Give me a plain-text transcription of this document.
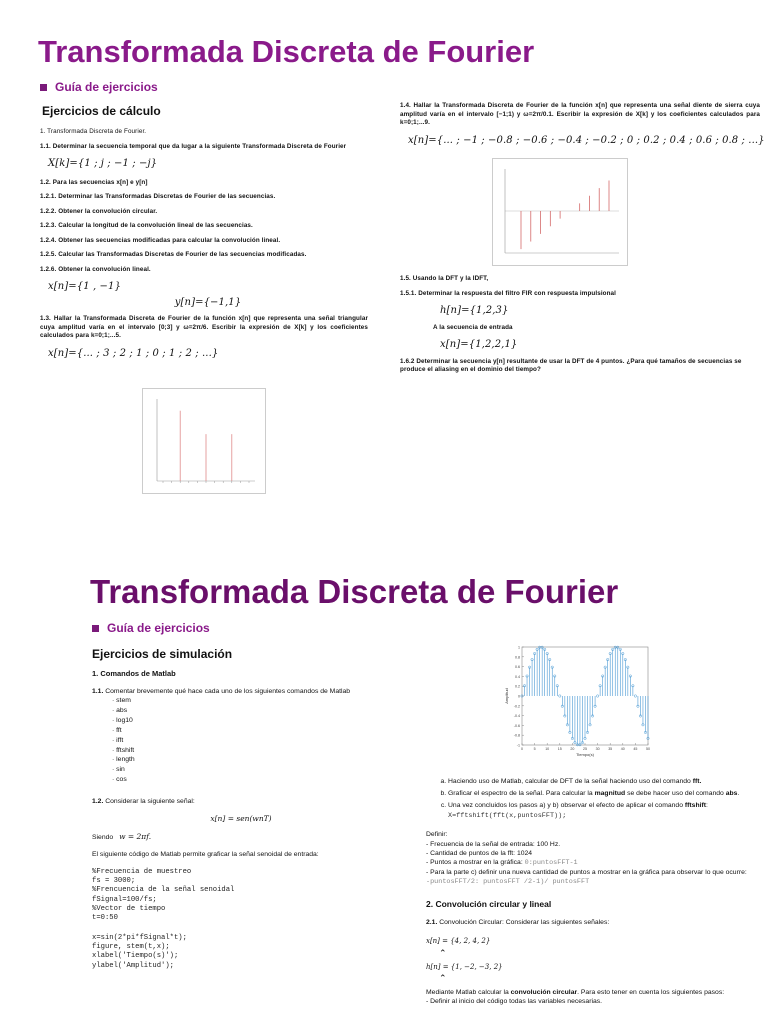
Transformada Discreta de Fourier
Guía de ejercicios
Ejercicios de cálculo

1. Transformada Discreta de Fourier.

1.1. Determinar la secuencia temporal que da lugar a la siguiente Transformada Discreta de Fourier

X[k]={1 ; j ; −1 ; −j}

1.2. Para las secuencias x[n] e y[n]

1.2.1. Determinar las Transformadas Discretas de Fourier de las secuencias.

1.2.2. Obtener la convolución circular.

1.2.3. Calcular la longitud de la convolución lineal de las secuencias.

1.2.4. Obtener las secuencias modificadas para calcular la convolución lineal.

1.2.5. Calcular las Transformadas Discretas de Fourier de las secuencias modificadas.

1.2.6. Obtener la convolución lineal.

x[n]={1 , −1}
y[n]={−1,1}

1.3. Hallar la Transformada Discreta de Fourier de la función x[n] que representa una señal triangular cuya amplitud varía en el intervalo [0;3] y ω=2π/6. Escribir la expresión de X[k] y los coeficientes calculados para k=0;1;...5.

x[n]={... ; 3 ; 2 ; 1 ; 0 ; 1 ; 2 ; ...}

1.4. Hallar la Transformada Discreta de Fourier de la función x[n] que representa una señal diente de sierra cuya amplitud varía en el intervalo [−1;1) y ω=2π/0.1. Escribir la expresión de X[k] y los coeficientes calculados para k=0;1;...9.

x[n]={... ; −1 ; −0.8 ; −0.6 ; −0.4 ; −0.2 ; 0 ; 0.2 ; 0.4 ; 0.6 ; 0.8 ; ...}

1.5. Usando la DFT y la IDFT,

1.5.1. Determinar la respuesta del filtro FIR con respuesta impulsional

h[n]={1,2,3}

A la secuencia de entrada

x[n]={1,2,2,1}

1.6.2 Determinar la secuencia y[n] resultante de usar la DFT de 4 puntos. ¿Para qué tamaños de secuencias se produce el aliasing en el dominio del tiempo?

Transformada Discreta de Fourier
Guía de ejercicios
Ejercicios de simulación

1. Comandos de Matlab

1.1. Comentar brevemente qué hace cada uno de los siguientes comandos de Matlab

· stem
· abs
· log10
· fft
· ifft
· fftshift
· length
· sin
· cos

1.2. Considerar la siguiente señal:

x[n] = sen(wnT)

Siendo w = 2πf.

El siguiente código de Matlab permite graficar la señal senoidal de entrada:

%Frecuencia de muestreo
fs = 3000;
%Frencuencia de la señal senoidal
fSignal=100/fs;
%Vector de tiempo
t=0:50
x=sin(2*pi*fSignal*t);
figure, stem(t,x);
xlabel('Tiempo(s)');
ylabel('Amplitud');
-1
-0.8
-0.6
-0.4
-0.2
0
0.2
0.4
0.6
0.8
1
0	5	10 15 20 25 30 35 40 45 50
Tiempo(s)
Amplitud
a. Haciendo uso de Matlab, calcular de DFT de la señal haciendo uso del comando fft.
b. Graficar el espectro de la señal. Para calcular la magnitud se debe hacer uso del comando abs.
c. Una vez concluidos los pasos a) y b) observar el efecto de aplicar el comando fftshift:
X=fftshift(fft(x,puntosFFT));

Definir:

- Frecuencia de la señal de entrada: 100 Hz.
- Cantidad de puntos de la fft: 1024
- Puntos a mostrar en la gráfica: 0:puntosFFT-1
- Para la parte c) definir una nueva cantidad de puntos a mostrar en la gráfica para observar lo que ocurre: -puntosFFT/2: puntosFFT /2-1)/ puntosFFT

2. Convolución circular y lineal

2.1. Convolución Circular: Considerar las siguientes señales:

x[n] = {4, 2, 4, 2}
⌃
h[n] = {1, −2, −3, 2}
⌃

Mediante Matlab calcular la convolución circular. Para esto tener en cuenta los siguientes pasos:
- Definir al inicio del código todas las variables necesarias.
